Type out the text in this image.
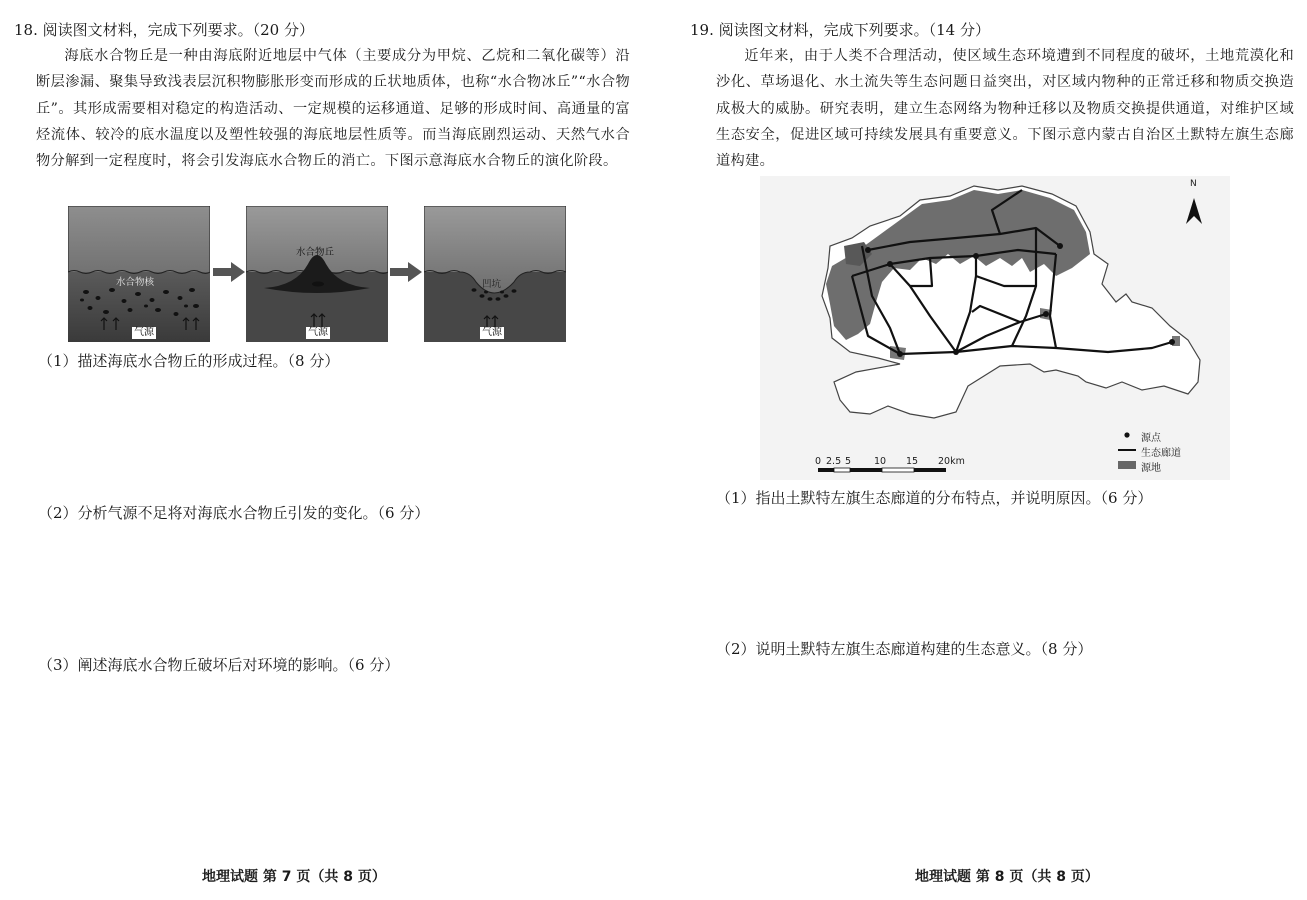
18. 阅读图文材料，完成下列要求。（20 分）
海底水合物丘是一种由海底附近地层中气体（主要成分为甲烷、乙烷和二氧化碳等）沿断层渗漏、聚集导致浅表层沉积物膨胀形变而形成的丘状地质体，也称“水合物冰丘”“水合物丘”。其形成需要相对稳定的构造活动、一定规模的运移通道、足够的形成时间、高通量的富烃流体、较冷的底水温度以及塑性较强的海底地层性质等。而当海底剧烈运动、天然气水合物分解到一定程度时，将会引发海底水合物丘的消亡。下图示意海底水合物丘的演化阶段。
水合物核
气源
水合物丘
气源
凹坑
气源
（1）描述海底水合物丘的形成过程。（8 分）
（2）分析气源不足将对海底水合物丘引发的变化。（6 分）
（3）阐述海底水合物丘破坏后对环境的影响。（6 分）
地理试题 第 7 页（共 8 页）
19. 阅读图文材料，完成下列要求。（14 分）
近年来，由于人类不合理活动，使区域生态环境遭到不同程度的破坏，土地荒漠化和沙化、草场退化、水土流失等生态问题日益突出，对区域内物种的正常迁移和物质交换造成极大的威胁。研究表明，建立生态网络为物种迁移以及物质交换提供通道，对维护区域生态安全，促进区域可持续发展具有重要意义。下图示意内蒙古自治区土默特左旗生态廊道构建。
N
源点
生态廊道
源地
0 2.5 5 10 15 20km
（1）指出土默特左旗生态廊道的分布特点，并说明原因。（6 分）
（2）说明土默特左旗生态廊道构建的生态意义。（8 分）
地理试题 第 8 页（共 8 页）
